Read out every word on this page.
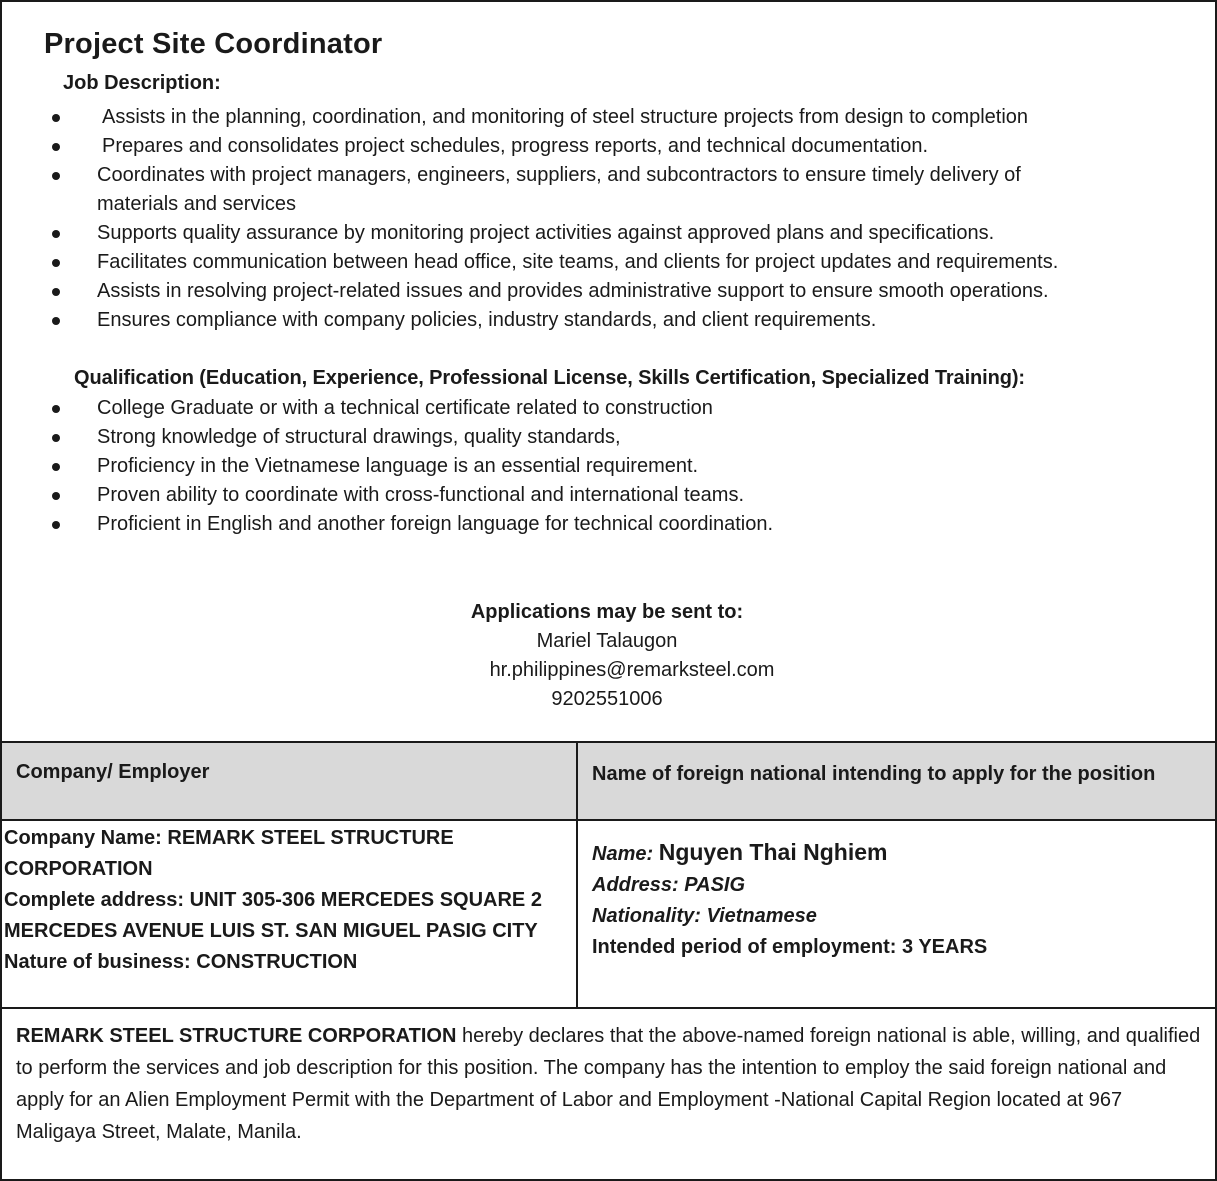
Project Site Coordinator
Job Description:
Assists in the planning, coordination, and monitoring of steel structure projects from design to completion
Prepares and consolidates project schedules, progress reports, and technical documentation.
Coordinates with project managers, engineers, suppliers, and subcontractors to ensure timely delivery of
materials and services
Supports quality assurance by monitoring project activities against approved plans and specifications.
Facilitates communication between head office, site teams, and clients for project updates and requirements.
Assists in resolving project-related issues and provides administrative support to ensure smooth operations.
Ensures compliance with company policies, industry standards, and client requirements.
Qualification (Education, Experience, Professional License, Skills Certification, Specialized Training):
College Graduate or with a technical certificate related to construction
Strong knowledge of structural drawings, quality standards,
Proficiency in the Vietnamese language is an essential requirement.
Proven ability to coordinate with cross-functional and international teams.
Proficient in English and another foreign language for technical coordination.
Applications may be sent to:
Mariel Talaugon
hr.philippines@remarksteel.com
9202551006
Company/ Employer	Name of foreign national intending to apply for the position
Company Name: REMARK STEEL STRUCTURE CORPORATION
Complete address: UNIT 305-306 MERCEDES SQUARE 2 MERCEDES AVENUE LUIS ST. SAN MIGUEL PASIG CITY
Nature of business: CONSTRUCTION
Name: Nguyen Thai Nghiem
Address: PASIG
Nationality: Vietnamese
Intended period of employment: 3 YEARS
REMARK STEEL STRUCTURE CORPORATION hereby declares that the above-named foreign national is able, willing, and qualified to perform the services and job description for this position. The company has the intention to employ the said foreign national and apply for an Alien Employment Permit with the Department of Labor and Employment -National Capital Region located at 967 Maligaya Street, Malate, Manila.
